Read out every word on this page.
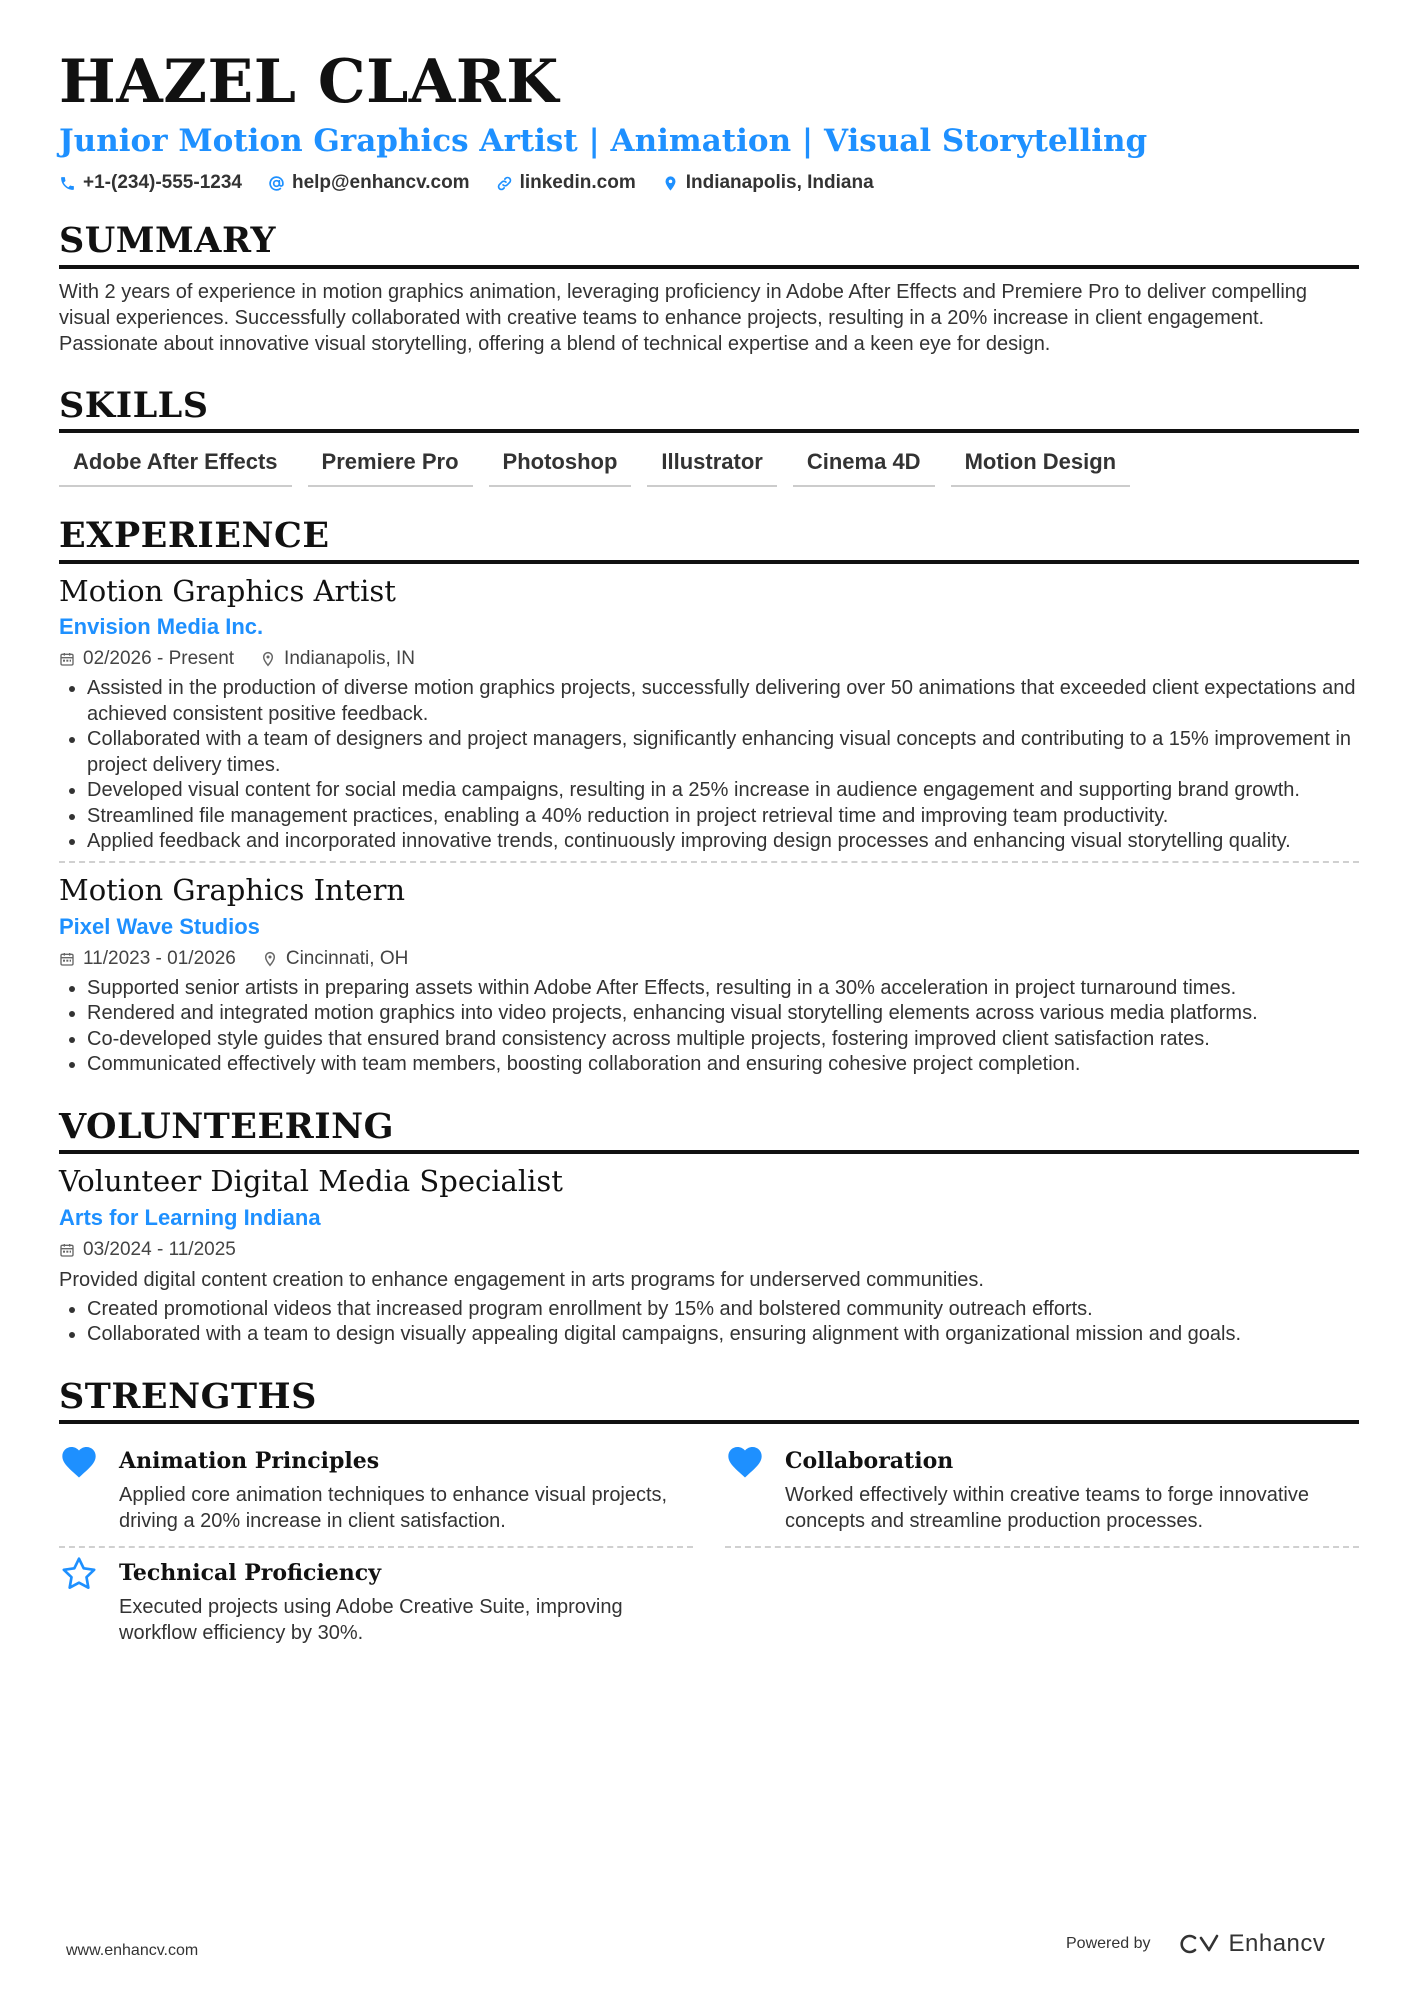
HAZEL CLARK
Junior Motion Graphics Artist | Animation | Visual Storytelling
+1-(234)-555-1234	help@enhancv.com	linkedin.com	Indianapolis, Indiana
SUMMARY
With 2 years of experience in motion graphics animation, leveraging proficiency in Adobe After Effects and Premiere Pro to deliver compelling visual experiences. Successfully collaborated with creative teams to enhance projects, resulting in a 20% increase in client engagement. Passionate about innovative visual storytelling, offering a blend of technical expertise and a keen eye for design.
SKILLS
Adobe After Effects	Premiere Pro	Photoshop	Illustrator	Cinema 4D	Motion Design
EXPERIENCE
Motion Graphics Artist
Envision Media Inc.
02/2026 - Present	Indianapolis, IN
• Assisted in the production of diverse motion graphics projects, successfully delivering over 50 animations that exceeded client expectations and achieved consistent positive feedback.
• Collaborated with a team of designers and project managers, significantly enhancing visual concepts and contributing to a 15% improvement in project delivery times.
• Developed visual content for social media campaigns, resulting in a 25% increase in audience engagement and supporting brand growth.
• Streamlined file management practices, enabling a 40% reduction in project retrieval time and improving team productivity.
• Applied feedback and incorporated innovative trends, continuously improving design processes and enhancing visual storytelling quality.
Motion Graphics Intern
Pixel Wave Studios
11/2023 - 01/2026	Cincinnati, OH
• Supported senior artists in preparing assets within Adobe After Effects, resulting in a 30% acceleration in project turnaround times.
• Rendered and integrated motion graphics into video projects, enhancing visual storytelling elements across various media platforms.
• Co-developed style guides that ensured brand consistency across multiple projects, fostering improved client satisfaction rates.
• Communicated effectively with team members, boosting collaboration and ensuring cohesive project completion.
VOLUNTEERING
Volunteer Digital Media Specialist
Arts for Learning Indiana
03/2024 - 11/2025
Provided digital content creation to enhance engagement in arts programs for underserved communities.
• Created promotional videos that increased program enrollment by 15% and bolstered community outreach efforts.
• Collaborated with a team to design visually appealing digital campaigns, ensuring alignment with organizational mission and goals.
STRENGTHS
Animation Principles
Applied core animation techniques to enhance visual projects, driving a 20% increase in client satisfaction.
Collaboration
Worked effectively within creative teams to forge innovative concepts and streamline production processes.
Technical Proficiency
Executed projects using Adobe Creative Suite, improving workflow efficiency by 30%.
www.enhancv.com	Powered by	Enhancv
